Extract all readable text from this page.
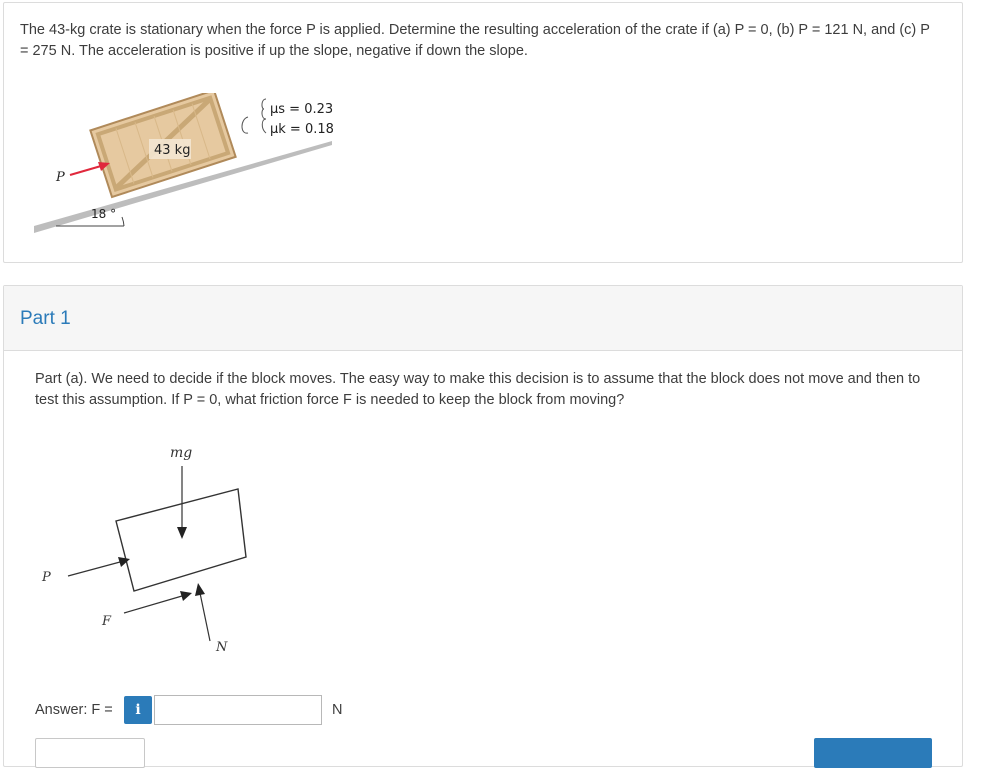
The 43-kg crate is stationary when the force P is applied. Determine the resulting acceleration of the crate if (a) P = 0, (b) P = 121 N, and (c) P = 275 N. The acceleration is positive if up the slope, negative if down the slope.

43 kg
P
18 °
μs = 0.23
μk = 0.18
Part 1

Part (a). We need to decide if the block moves. The easy way to make this decision is to assume that the block does not move and then to test this assumption. If P = 0, what friction force F is needed to keep the block from moving?

mg
P
F
N
Answer: F =	i	N
